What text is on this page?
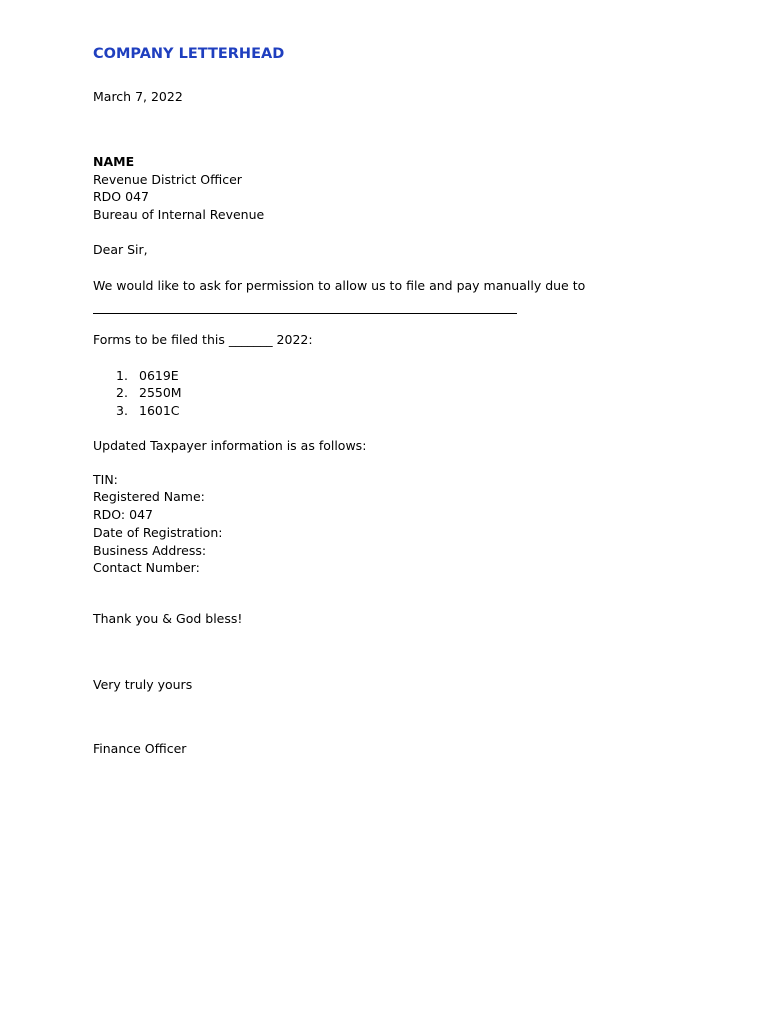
COMPANY LETTERHEAD
March 7, 2022
NAME
Revenue District Officer
RDO 047
Bureau of Internal Revenue
Dear Sir,
We would like to ask for permission to allow us to file and pay manually due to
Forms to be filed this _______ 2022:
1. 0619E
2. 2550M
3. 1601C
Updated Taxpayer information is as follows:
TIN:
Registered Name:
RDO: 047
Date of Registration:
Business Address:
Contact Number:
Thank you & God bless!
Very truly yours
Finance Officer
